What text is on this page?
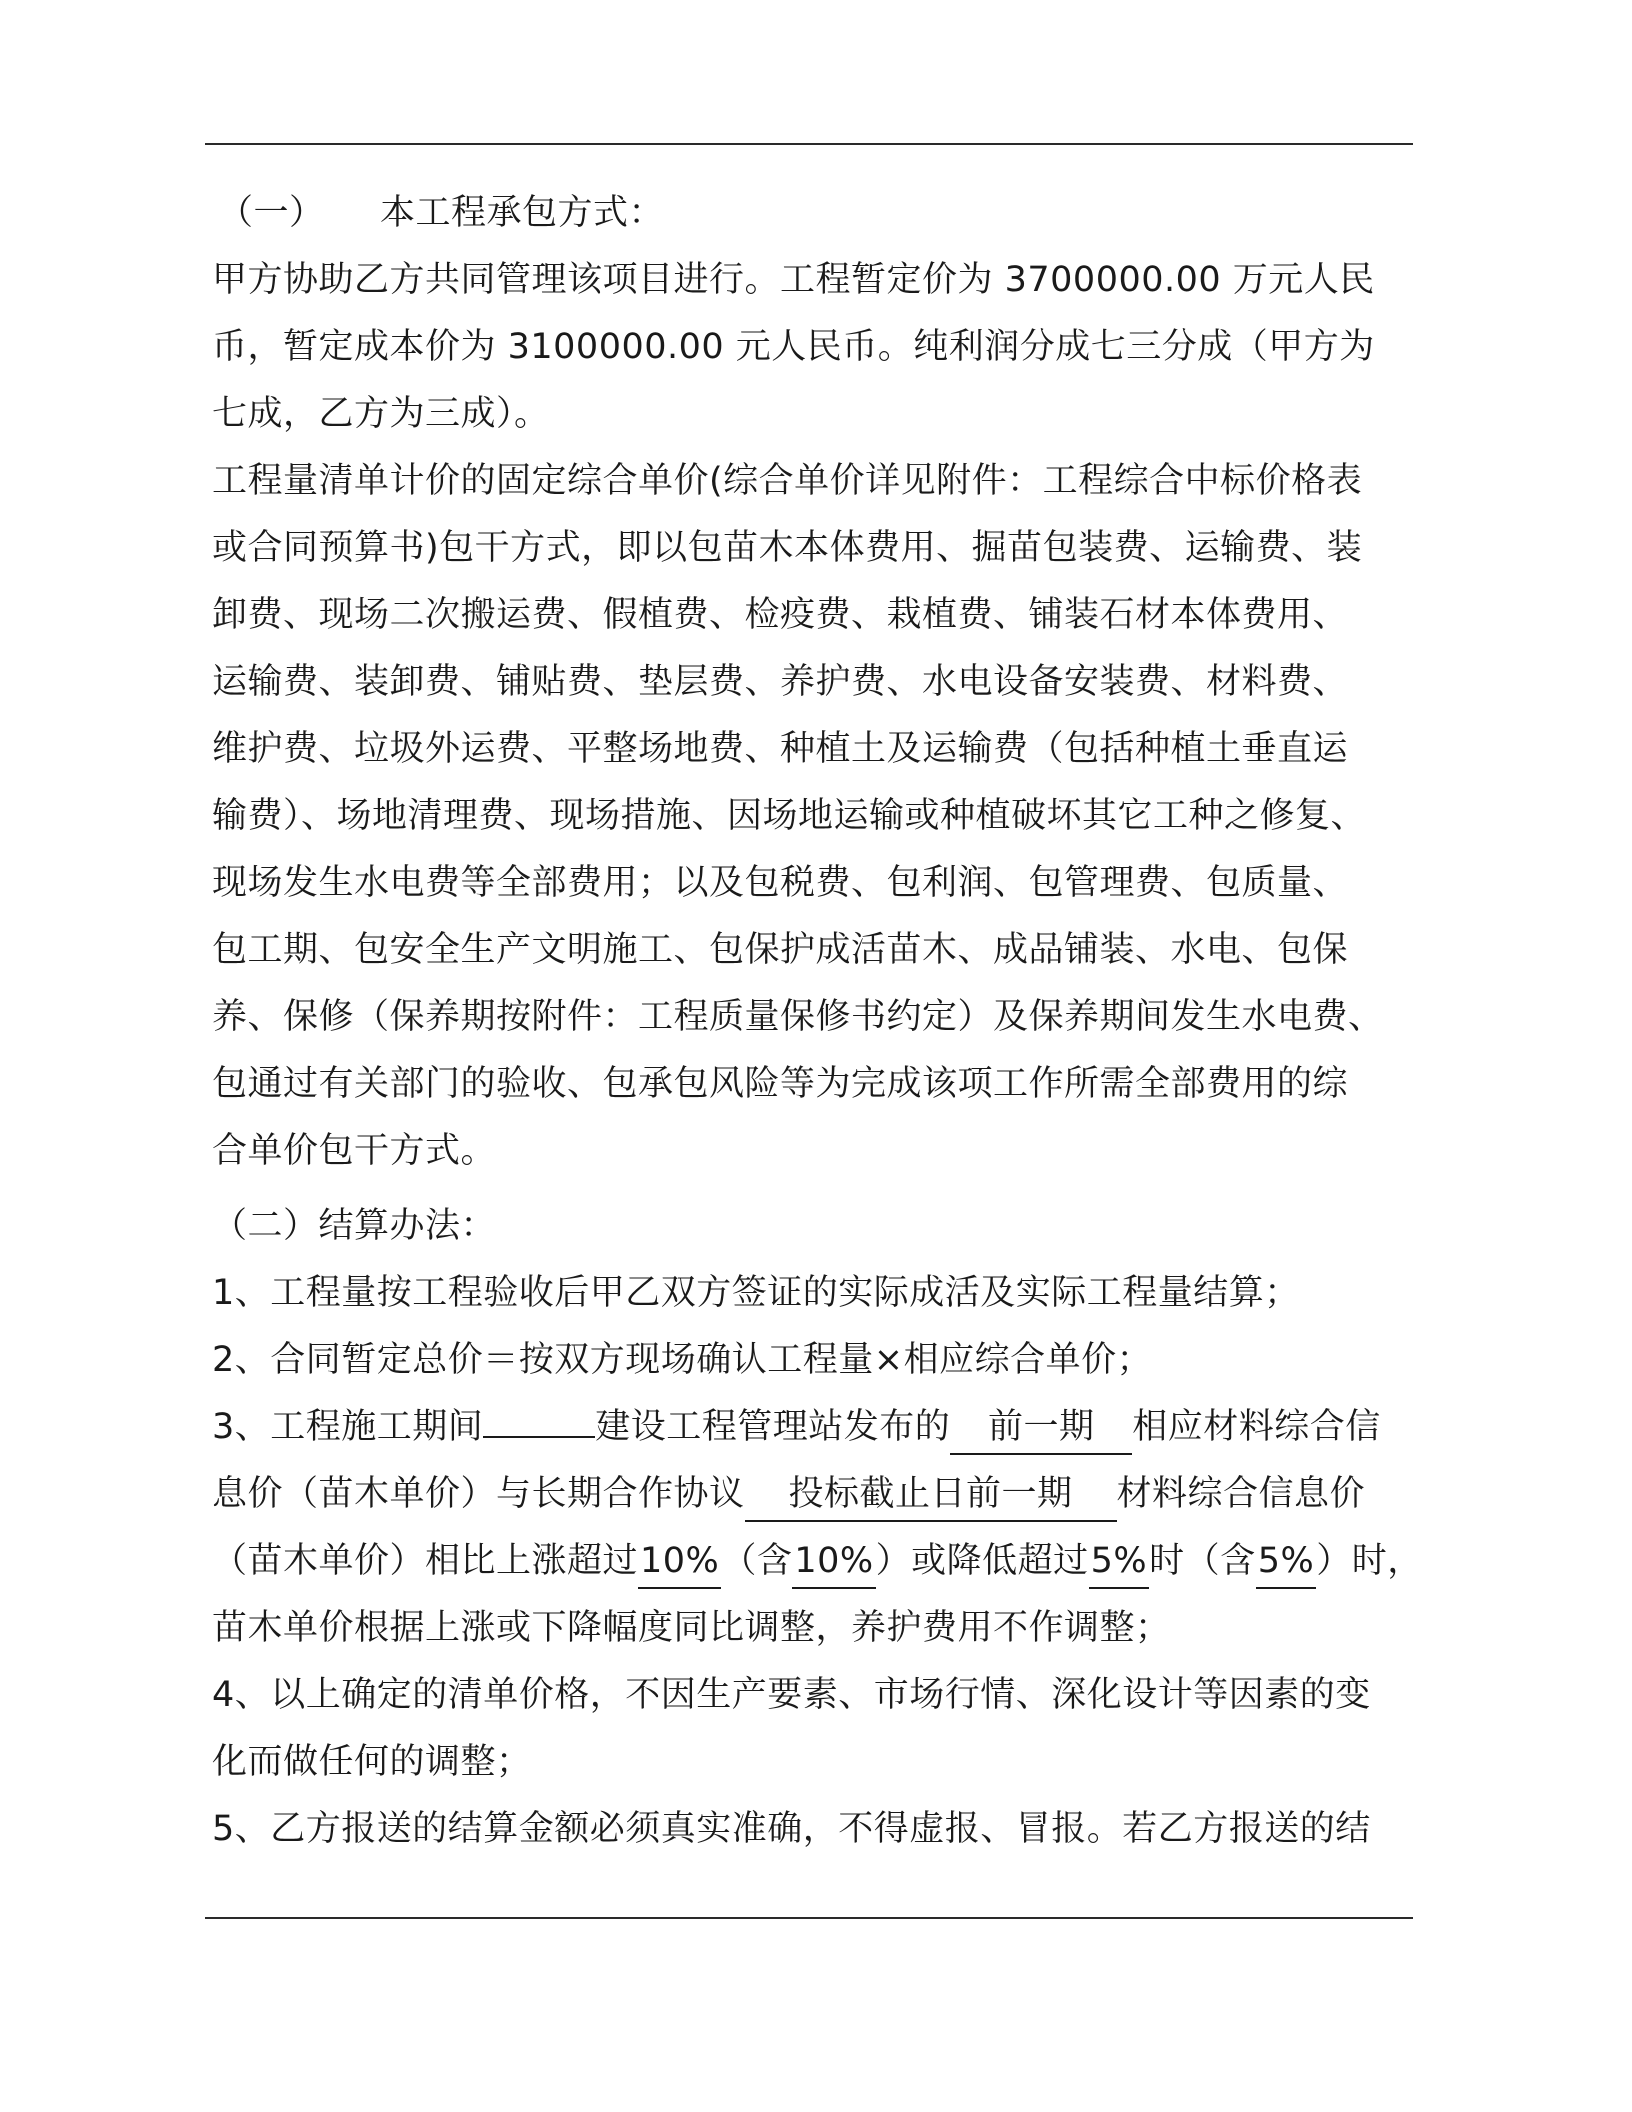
（一） 本工程承包方式：
甲方协助乙方共同管理该项目进行。工程暂定价为 3700000.00 万元人民
币，暂定成本价为 3100000.00 元人民币。纯利润分成七三分成（甲方为
七成，乙方为三成）。
工程量清单计价的固定综合单价(综合单价详见附件：工程综合中标价格表
或合同预算书)包干方式，即以包苗木本体费用、掘苗包装费、运输费、装
卸费、现场二次搬运费、假植费、检疫费、栽植费、铺装石材本体费用、
运输费、装卸费、铺贴费、垫层费、养护费、水电设备安装费、材料费、
维护费、垃圾外运费、平整场地费、种植土及运输费（包括种植土垂直运
输费）、场地清理费、现场措施、因场地运输或种植破坏其它工种之修复、
现场发生水电费等全部费用；以及包税费、包利润、包管理费、包质量、
包工期、包安全生产文明施工、包保护成活苗木、成品铺装、水电、包保
养、保修（保养期按附件：工程质量保修书约定）及保养期间发生水电费、
包通过有关部门的验收、包承包风险等为完成该项工作所需全部费用的综
合单价包干方式。
（二）结算办法：
1、工程量按工程验收后甲乙双方签证的实际成活及实际工程量结算；
2、合同暂定总价＝按双方现场确认工程量×相应综合单价；
3、工程施工期间	建设工程管理站发布的 前一期 相应材料综合信
息价（苗木单价）与长期合作协议 投标截止日前一期 材料综合信息价
（苗木单价）相比上涨超过10%（含10%）或降低超过5%时（含5%）时，
苗木单价根据上涨或下降幅度同比调整，养护费用不作调整；
4、以上确定的清单价格，不因生产要素、市场行情、深化设计等因素的变
化而做任何的调整；
5、乙方报送的结算金额必须真实准确，不得虚报、冒报。若乙方报送的结
